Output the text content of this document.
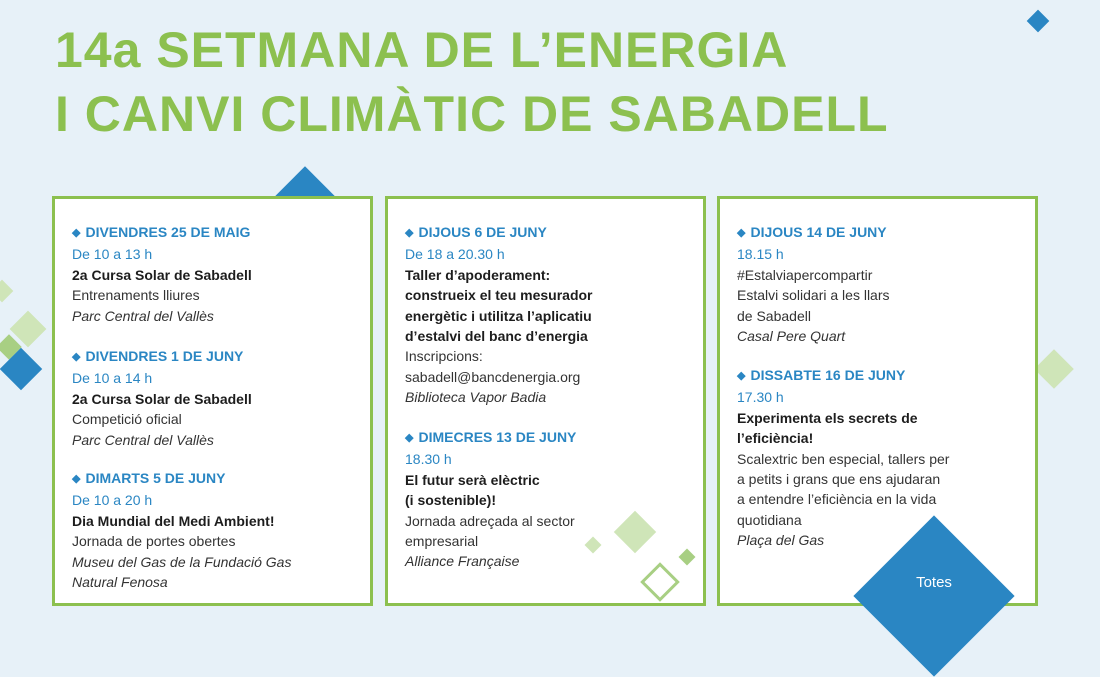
14a SETMANA DE L’ENERGIA
I CANVI CLIMÀTIC DE SABADELL
◆ DIVENDRES 25 DE MAIG
De 10 a 13 h
2a Cursa Solar de Sabadell
Entrenaments lliures
Parc Central del Vallès
◆ DIVENDRES 1 DE JUNY
De 10 a 14 h
2a Cursa Solar de Sabadell
Competició oficial
Parc Central del Vallès
◆ DIMARTS 5 DE JUNY
De 10 a 20 h
Dia Mundial del Medi Ambient!
Jornada de portes obertes
Museu del Gas de la Fundació Gas
Natural Fenosa
◆ DIJOUS 6 DE JUNY
De 18 a 20.30 h
Taller d’apoderament:
construeix el teu mesurador
energètic i utilitza l’aplicatiu
d’estalvi del banc d’energia
Inscripcions:
sabadell@bancdenergia.org
Biblioteca Vapor Badia
◆ DIMECRES 13 DE JUNY
18.30 h
El futur serà elèctric
(i sostenible)!
Jornada adreçada al sector
empresarial
Alliance Française
◆ DIJOUS 14 DE JUNY
18.15 h
#Estalviapercompartir
Estalvi solidari a les llars
de Sabadell
Casal Pere Quart
◆ DISSABTE 16 DE JUNY
17.30 h
Experimenta els secrets de
l’eficiència!
Scalextric ben especial, tallers per
a petits i grans que ens ajudaran
a entendre l’eficiència en la vida
quotidiana
Plaça del Gas
Totes
